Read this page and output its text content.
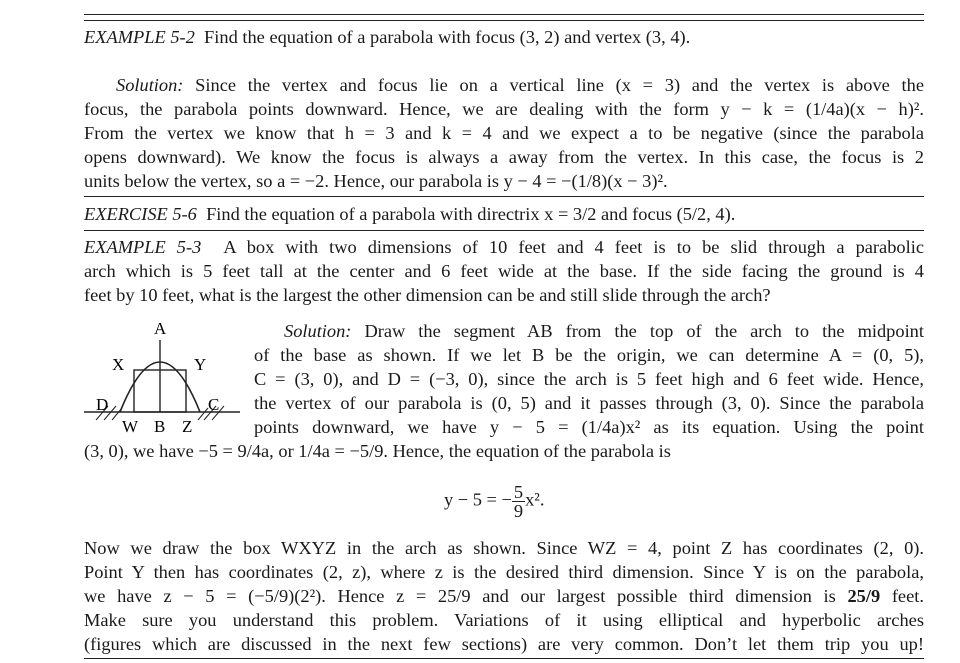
EXAMPLE 5-2 Find the equation of a parabola with focus (3, 2) and vertex (3, 4).
Solution: Since the vertex and focus lie on a vertical line (x = 3) and the vertex is above the
focus, the parabola points downward. Hence, we are dealing with the form y − k = (1/4a)(x − h)².
From the vertex we know that h = 3 and k = 4 and we expect a to be negative (since the parabola
opens downward). We know the focus is always a away from the vertex. In this case, the focus is 2
units below the vertex, so a = −2. Hence, our parabola is y − 4 = −(1/8)(x − 3)².
EXERCISE 5-6 Find the equation of a parabola with directrix x = 3/2 and focus (5/2, 4).
EXAMPLE 5-3 A box with two dimensions of 10 feet and 4 feet is to be slid through a parabolic
arch which is 5 feet tall at the center and 6 feet wide at the base. If the side facing the ground is 4
feet by 10 feet, what is the largest the other dimension can be and still slide through the arch?
A
X	Y
D	C
W B Z
Solution: Draw the segment AB from the top of the arch to the midpoint
of the base as shown. If we let B be the origin, we can determine A = (0, 5),
C = (3, 0), and D = (−3, 0), since the arch is 5 feet high and 6 feet wide. Hence,
the vertex of our parabola is (0, 5) and it passes through (3, 0). Since the parabola
points downward, we have y − 5 = (1/4a)x² as its equation. Using the point
(3, 0), we have −5 = 9/4a, or 1/4a = −5/9. Hence, the equation of the parabola is
y − 5 = − $\frac{5}{9} x^2$.
Now we draw the box WXYZ in the arch as shown. Since WZ = 4, point Z has coordinates (2, 0).
Point Y then has coordinates (2, z), where z is the desired third dimension. Since Y is on the parabola,
we have z − 5 = (−5/9)(2²). Hence z = 25/9 and our largest possible third dimension is 25/9 feet.
Make sure you understand this problem. Variations of it using elliptical and hyperbolic arches
(figures which are discussed in the next few sections) are very common. Don’t let them trip you up!
